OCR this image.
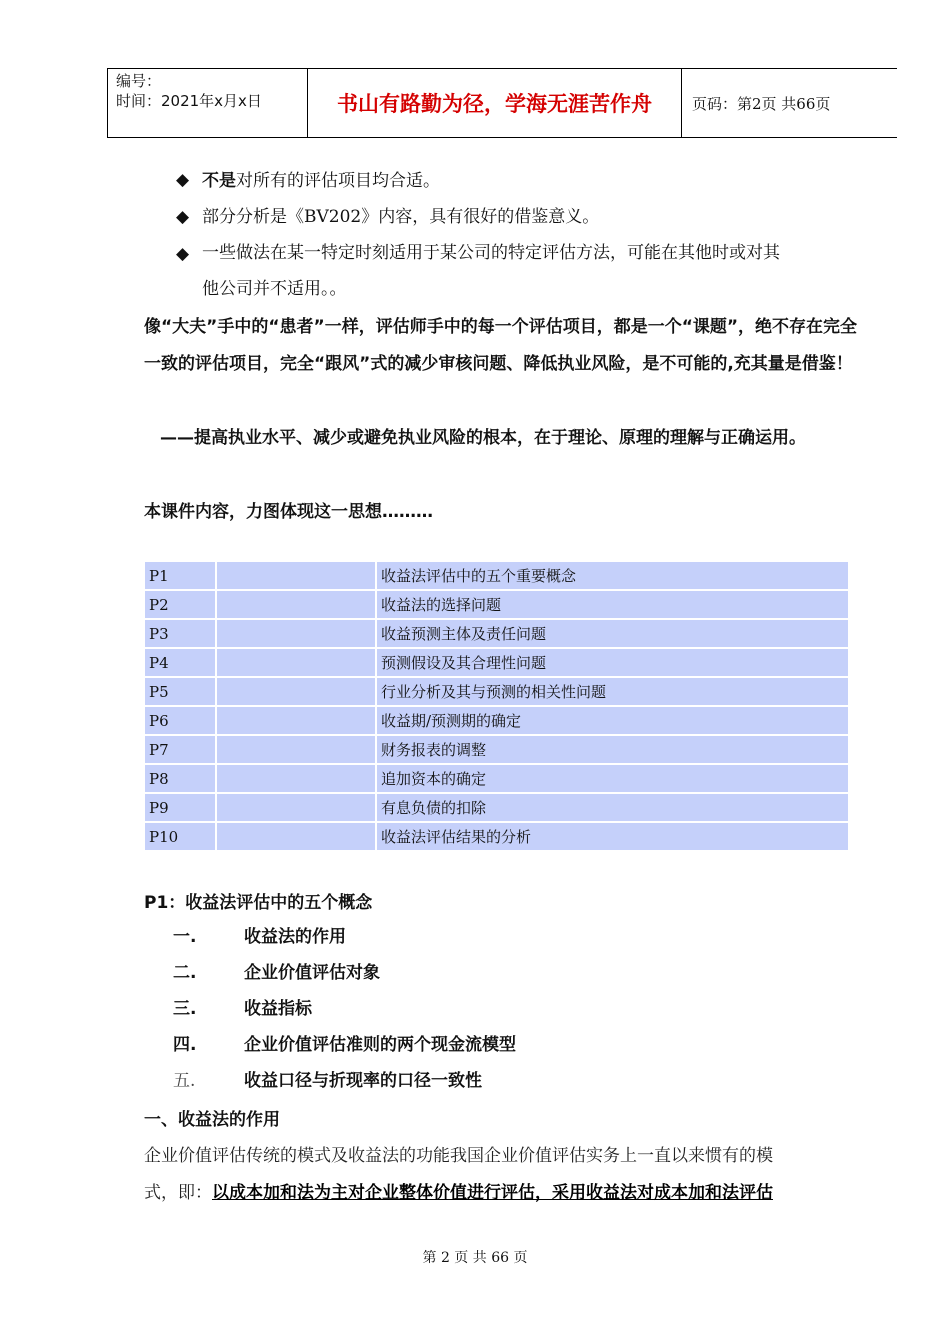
编号：
时间：2021年x月x日	书山有路勤为径，学海无涯苦作舟	页码：第2页 共66页
◆ 不是对所有的评估项目均合适。
◆ 部分分析是《BV202》内容，具有很好的借鉴意义。
◆ 一些做法在某一特定时刻适用于某公司的特定评估方法，可能在其他时或对其
他公司并不适用。。
像“大夫”手中的“患者”一样，评估师手中的每一个评估项目，都是一个“课题”，绝不存在完全一致的评估项目，完全“跟风”式的减少审核问题、降低执业风险，是不可能的,充其量是借鉴！
——提高执业水平、减少或避免执业风险的根本，在于理论、原理的理解与正确运用。
本课件内容，力图体现这一思想………
P1		收益法评估中的五个重要概念
P2		收益法的选择问题
P3		收益预测主体及责任问题
P4		预测假设及其合理性问题
P5		行业分析及其与预测的相关性问题
P6		收益期/预测期的确定
P7		财务报表的调整
P8		追加资本的确定
P9		有息负债的扣除
P10		收益法评估结果的分析
P1：收益法评估中的五个概念
一.	收益法的作用
二.	企业价值评估对象
三.	收益指标
四.	企业价值评估准则的两个现金流模型
五.	收益口径与折现率的口径一致性
一、收益法的作用
企业价值评估传统的模式及收益法的功能我国企业价值评估实务上一直以来惯有的模
式，即：以成本加和法为主对企业整体价值进行评估，采用收益法对成本加和法评估
第 2 页 共 66 页
